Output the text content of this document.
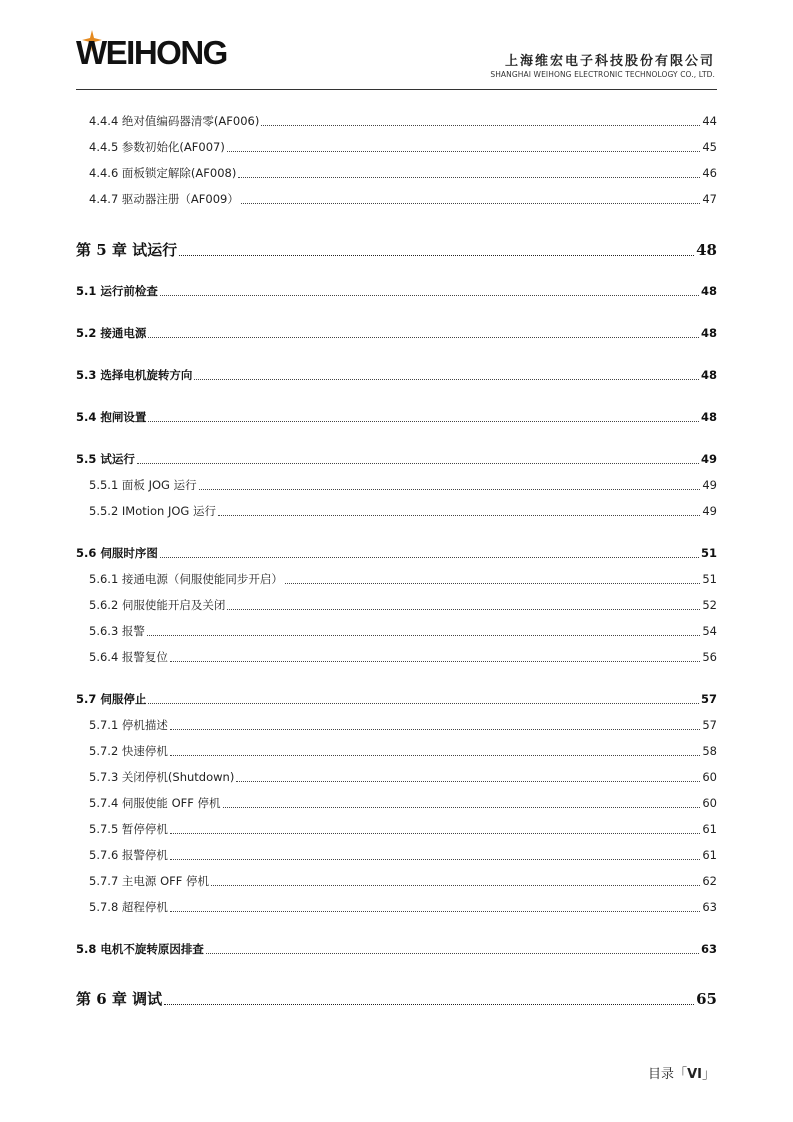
WEIHONG	上海维宏电子科技股份有限公司
SHANGHAI WEIHONG ELECTRONIC TECHNOLOGY CO., LTD.
4.4.4 绝对值编码器清零(AF006)	44
4.4.5 参数初始化(AF007)	45
4.4.6 面板锁定解除(AF008)	46
4.4.7 驱动器注册（AF009）	47
第 5 章 试运行	48
5.1 运行前检查	48
5.2 接通电源	48
5.3 选择电机旋转方向	48
5.4 抱闸设置	48
5.5 试运行	49
5.5.1 面板 JOG 运行	49
5.5.2 IMotion JOG 运行	49
5.6 伺服时序图	51
5.6.1 接通电源（伺服使能同步开启）	51
5.6.2 伺服使能开启及关闭	52
5.6.3 报警	54
5.6.4 报警复位	56
5.7 伺服停止	57
5.7.1 停机描述	57
5.7.2 快速停机	58
5.7.3 关闭停机(Shutdown)	60
5.7.4 伺服使能 OFF 停机	60
5.7.5 暂停停机	61
5.7.6 报警停机	61
5.7.7 主电源 OFF 停机	62
5.7.8 超程停机	63
5.8 电机不旋转原因排查	63
第 6 章 调试	65
目录「VI」
